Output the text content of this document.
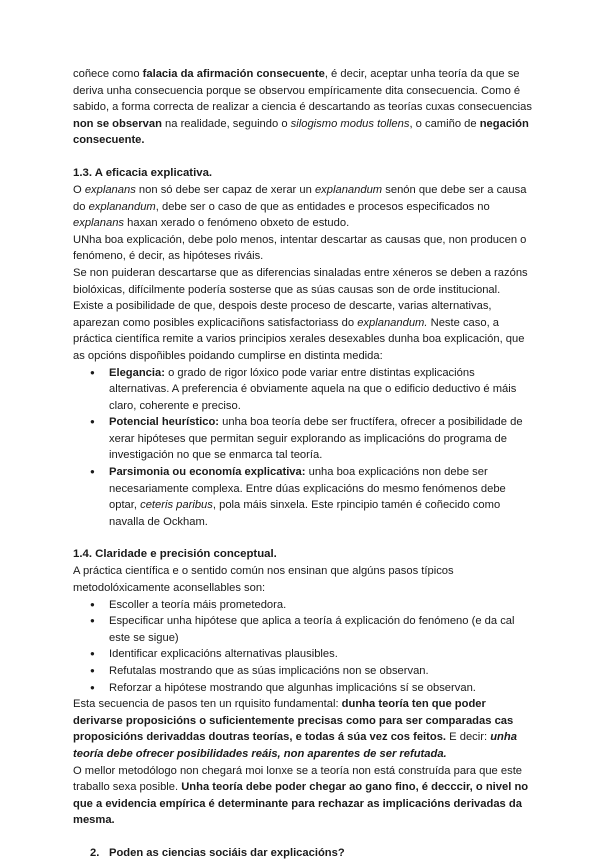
coñece como falacia da afirmación consecuente, é decir, aceptar unha teoría da que se deriva unha consecuencia porque se observou empíricamente dita consecuencia. Como é sabido, a forma correcta de realizar a ciencia é descartando as teorías cuxas consecuencias non se observan na realidade, seguindo o silogismo modus tollens, o camiño de negación consecuente.

1.3. A eficacia explicativa.

O explanans non só debe ser capaz de xerar un explanandum senón que debe ser a causa do explanandum, debe ser o caso de que as entidades e procesos especificados no explanans haxan xerado o fenómeno obxeto de estudo.

UNha boa explicación, debe polo menos, intentar descartar as causas que, non producen o fenómeno, é decir, as hipóteses riváis.

Se non puideran descartarse que as diferencias sinaladas entre xéneros se deben a razóns biolóxicas, difícilmente podería sosterse que as súas causas son de orde institucional.

Existe a posibilidade de que, despois deste proceso de descarte, varias alternativas, aparezan como posibles explicaciñons satisfactoriass do explanandum. Neste caso, a práctica científica remite a varios principios xerales desexables dunha boa explicación, que as opcións dispoñibles poidando cumplirse en distinta medida:

● Elegancia: o grado de rigor lóxico pode variar entre distintas explicacións alternativas. A preferencia é obviamente aquela na que o edificio deductivo é máis claro, coherente e preciso.
● Potencial heurístico: unha boa teoría debe ser fructífera, ofrecer a posibilidade de xerar hipóteses que permitan seguir explorando as implicacións do programa de investigación no que se enmarca tal teoría.
● Parsimonia ou economía explicativa: unha boa explicacións non debe ser necesariamente complexa. Entre dúas explicacións do mesmo fenómenos debe optar, ceteris paribus, pola máis sinxela. Este rpincipio tamén é coñecido como navalla de Ockham.
1.4. Claridade e precisión conceptual.

A práctica científica e o sentido común nos ensinan que algúns pasos típicos metodolóxicamente aconsellables son:

● Escoller a teoría máis prometedora.
● Especificar unha hipótese que aplica a teoría á explicación do fenómeno (e da cal este se sigue)
● Identificar explicacións alternativas plausibles.
● Refutalas mostrando que as súas implicacións non se observan.
● Reforzar a hipótese mostrando que algunhas implicacións sí se observan.

Esta secuencia de pasos ten un rquisito fundamental: dunha teoría ten que poder derivarse proposicións o suficientemente precisas como para ser comparadas cas proposicións derivaddas doutras teorías, e todas á súa vez cos feitos. E decir: unha teoría debe ofrecer posibilidades reáis, non aparentes de ser refutada.

O mellor metodólogo non chegará moi lonxe se a teoría non está construída para que este traballo sexa posible. Unha teoría debe poder chegar ao gano fino, é decccir, o nivel no que a evidencia empírica é determinante para rechazar as implicacións derivadas da mesma.

2. Poden as ciencias sociáis dar explicacións?
